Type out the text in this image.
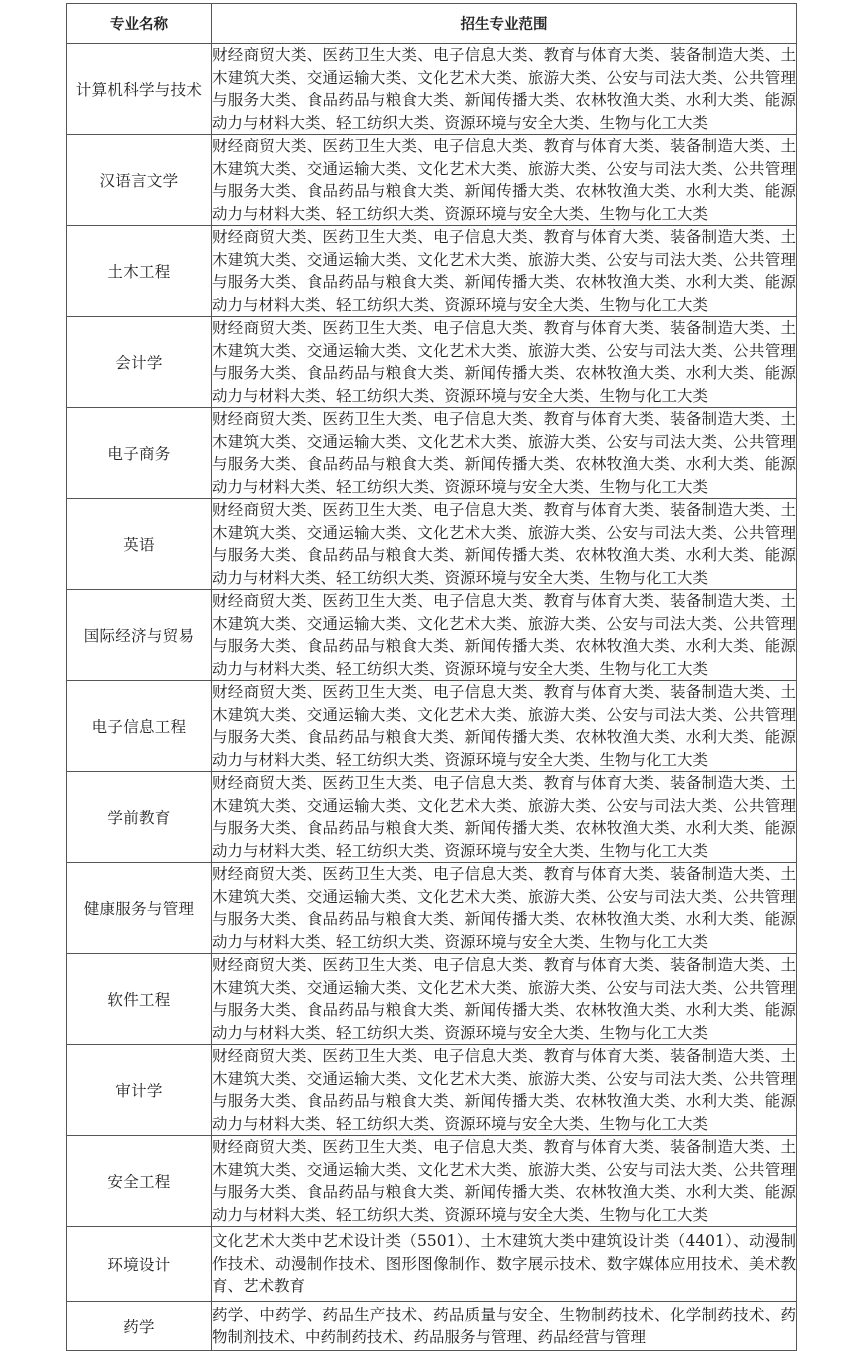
专业名称	招生专业范围
计算机科学与技术	财经商贸大类、医药卫生大类、电子信息大类、教育与体育大类、装备制造大类、土木建筑大类、交通运输大类、文化艺术大类、旅游大类、公安与司法大类、公共管理与服务大类、食品药品与粮食大类、新闻传播大类、农林牧渔大类、水利大类、能源动力与材料大类、轻工纺织大类、资源环境与安全大类、生物与化工大类
汉语言文学	财经商贸大类、医药卫生大类、电子信息大类、教育与体育大类、装备制造大类、土木建筑大类、交通运输大类、文化艺术大类、旅游大类、公安与司法大类、公共管理与服务大类、食品药品与粮食大类、新闻传播大类、农林牧渔大类、水利大类、能源动力与材料大类、轻工纺织大类、资源环境与安全大类、生物与化工大类
土木工程	财经商贸大类、医药卫生大类、电子信息大类、教育与体育大类、装备制造大类、土木建筑大类、交通运输大类、文化艺术大类、旅游大类、公安与司法大类、公共管理与服务大类、食品药品与粮食大类、新闻传播大类、农林牧渔大类、水利大类、能源动力与材料大类、轻工纺织大类、资源环境与安全大类、生物与化工大类
会计学	财经商贸大类、医药卫生大类、电子信息大类、教育与体育大类、装备制造大类、土木建筑大类、交通运输大类、文化艺术大类、旅游大类、公安与司法大类、公共管理与服务大类、食品药品与粮食大类、新闻传播大类、农林牧渔大类、水利大类、能源动力与材料大类、轻工纺织大类、资源环境与安全大类、生物与化工大类
电子商务	财经商贸大类、医药卫生大类、电子信息大类、教育与体育大类、装备制造大类、土木建筑大类、交通运输大类、文化艺术大类、旅游大类、公安与司法大类、公共管理与服务大类、食品药品与粮食大类、新闻传播大类、农林牧渔大类、水利大类、能源动力与材料大类、轻工纺织大类、资源环境与安全大类、生物与化工大类
英语	财经商贸大类、医药卫生大类、电子信息大类、教育与体育大类、装备制造大类、土木建筑大类、交通运输大类、文化艺术大类、旅游大类、公安与司法大类、公共管理与服务大类、食品药品与粮食大类、新闻传播大类、农林牧渔大类、水利大类、能源动力与材料大类、轻工纺织大类、资源环境与安全大类、生物与化工大类
国际经济与贸易	财经商贸大类、医药卫生大类、电子信息大类、教育与体育大类、装备制造大类、土木建筑大类、交通运输大类、文化艺术大类、旅游大类、公安与司法大类、公共管理与服务大类、食品药品与粮食大类、新闻传播大类、农林牧渔大类、水利大类、能源动力与材料大类、轻工纺织大类、资源环境与安全大类、生物与化工大类
电子信息工程	财经商贸大类、医药卫生大类、电子信息大类、教育与体育大类、装备制造大类、土木建筑大类、交通运输大类、文化艺术大类、旅游大类、公安与司法大类、公共管理与服务大类、食品药品与粮食大类、新闻传播大类、农林牧渔大类、水利大类、能源动力与材料大类、轻工纺织大类、资源环境与安全大类、生物与化工大类
学前教育	财经商贸大类、医药卫生大类、电子信息大类、教育与体育大类、装备制造大类、土木建筑大类、交通运输大类、文化艺术大类、旅游大类、公安与司法大类、公共管理与服务大类、食品药品与粮食大类、新闻传播大类、农林牧渔大类、水利大类、能源动力与材料大类、轻工纺织大类、资源环境与安全大类、生物与化工大类
健康服务与管理	财经商贸大类、医药卫生大类、电子信息大类、教育与体育大类、装备制造大类、土木建筑大类、交通运输大类、文化艺术大类、旅游大类、公安与司法大类、公共管理与服务大类、食品药品与粮食大类、新闻传播大类、农林牧渔大类、水利大类、能源动力与材料大类、轻工纺织大类、资源环境与安全大类、生物与化工大类
软件工程	财经商贸大类、医药卫生大类、电子信息大类、教育与体育大类、装备制造大类、土木建筑大类、交通运输大类、文化艺术大类、旅游大类、公安与司法大类、公共管理与服务大类、食品药品与粮食大类、新闻传播大类、农林牧渔大类、水利大类、能源动力与材料大类、轻工纺织大类、资源环境与安全大类、生物与化工大类
审计学	财经商贸大类、医药卫生大类、电子信息大类、教育与体育大类、装备制造大类、土木建筑大类、交通运输大类、文化艺术大类、旅游大类、公安与司法大类、公共管理与服务大类、食品药品与粮食大类、新闻传播大类、农林牧渔大类、水利大类、能源动力与材料大类、轻工纺织大类、资源环境与安全大类、生物与化工大类
安全工程	财经商贸大类、医药卫生大类、电子信息大类、教育与体育大类、装备制造大类、土木建筑大类、交通运输大类、文化艺术大类、旅游大类、公安与司法大类、公共管理与服务大类、食品药品与粮食大类、新闻传播大类、农林牧渔大类、水利大类、能源动力与材料大类、轻工纺织大类、资源环境与安全大类、生物与化工大类
环境设计	文化艺术大类中艺术设计类（5501）、土木建筑大类中建筑设计类（4401）、动漫制作技术、动漫制作技术、图形图像制作、数字展示技术、数字媒体应用技术、美术教育、艺术教育
药学	药学、中药学、药品生产技术、药品质量与安全、生物制药技术、化学制药技术、药物制剂技术、中药制药技术、药品服务与管理、药品经营与管理
